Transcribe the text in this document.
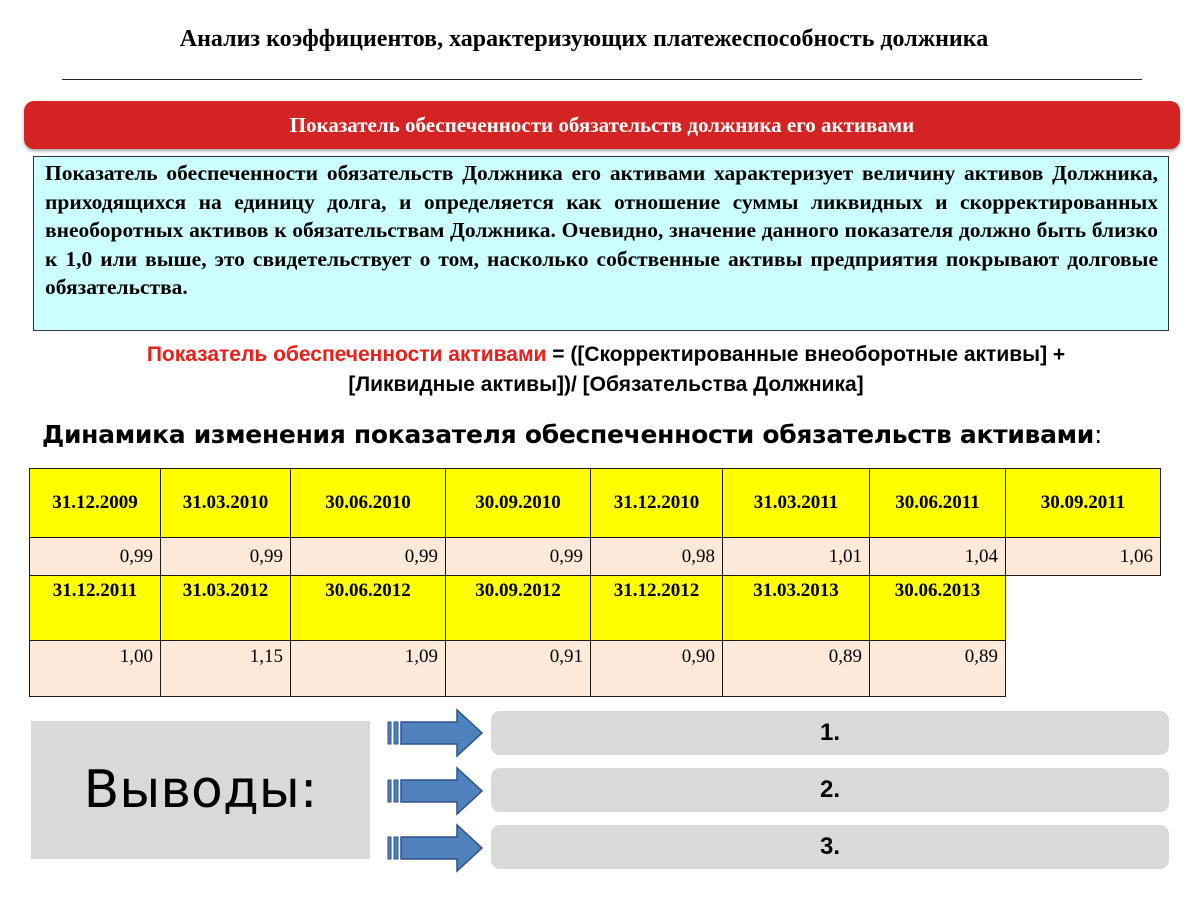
Анализ коэффициентов, характеризующих платежеспособность должника
Показатель обеспеченности обязательств должника его активами
Показатель обеспеченности обязательств Должника его активами характеризует величину активов Должника, приходящихся на единицу долга, и определяется как отношение суммы ликвидных и скорректированных внеоборотных активов к обязательствам Должника. Очевидно, значение данного показателя должно быть близко к 1,0 или выше, это свидетельствует о том, насколько собственные активы предприятия покрывают долговые обязательства.
Показатель обеспеченности активами = ([Скорректированные внеоборотные активы] +
[Ликвидные активы])/ [Обязательства Должника]
Динамика изменения показателя обеспеченности обязательств активами:
31.12.2009
0,99
31.03.2010
0,99
30.06.2010
0,99
30.09.2010
0,99
31.12.2010
0,98
31.03.2011
1,01
30.06.2011
1,04
30.09.2011
1,06
31.12.2011
1,00
31.03.2012
1,15
30.06.2012
1,09
30.09.2012
0,91
31.12.2012
0,90
31.03.2013
0,89
30.06.2013
0,89
Выводы:
1.
2.
3.
